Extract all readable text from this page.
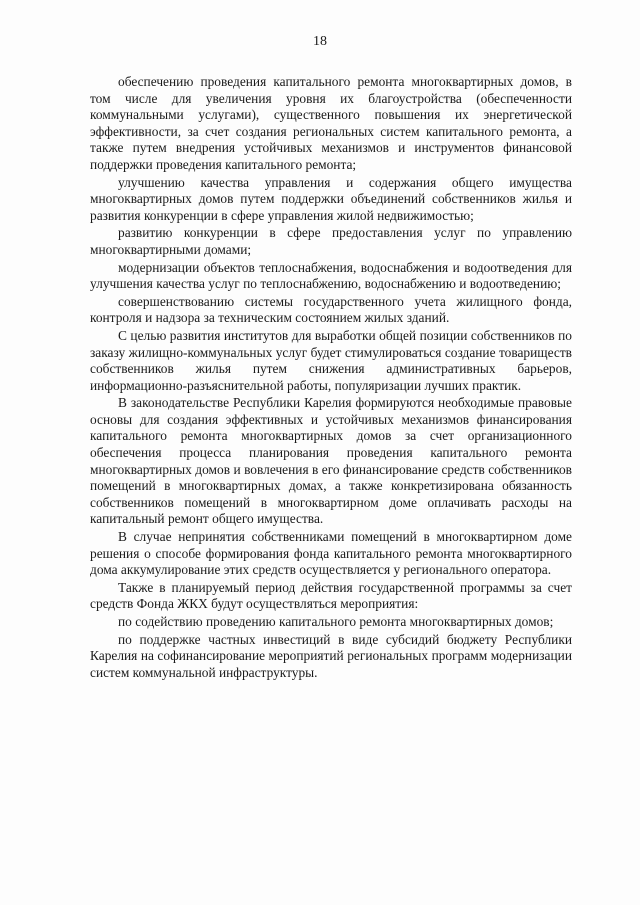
18

обеспечению проведения капитального ремонта многоквартирных домов, в том числе для увеличения уровня их благоустройства (обеспеченности коммунальными услугами), существенного повышения их энергетической эффективности, за счет создания региональных систем капитального ремонта, а также путем внедрения устойчивых механизмов и инструментов финансовой поддержки проведения капитального ремонта;

улучшению качества управления и содержания общего имущества многоквартирных домов путем поддержки объединений собственников жилья и развития конкуренции в сфере управления жилой недвижимостью;

развитию конкуренции в сфере предоставления услуг по управлению многоквартирными домами;

модернизации объектов теплоснабжения, водоснабжения и водоотведения для улучшения качества услуг по теплоснабжению, водоснабжению и водоотведению;

совершенствованию системы государственного учета жилищного фонда, контроля и надзора за техническим состоянием жилых зданий.

С целью развития институтов для выработки общей позиции собственников по заказу жилищно-коммунальных услуг будет стимулироваться создание товариществ собственников жилья путем снижения административных барьеров, информационно-разъяснительной работы, популяризации лучших практик.

В законодательстве Республики Карелия формируются необходимые правовые основы для создания эффективных и устойчивых механизмов финансирования капитального ремонта многоквартирных домов за счет организационного обеспечения процесса планирования проведения капитального ремонта многоквартирных домов и вовлечения в его финансирование средств собственников помещений в многоквартирных домах, а также конкретизирована обязанность собственников помещений в многоквартирном доме оплачивать расходы на капитальный ремонт общего имущества.

В случае непринятия собственниками помещений в многоквартирном доме решения о способе формирования фонда капитального ремонта многоквартирного дома аккумулирование этих средств осуществляется у регионального оператора.

Также в планируемый период действия государственной программы за счет средств Фонда ЖКХ будут осуществляться мероприятия:

по содействию проведению капитального ремонта многоквартирных домов;

по поддержке частных инвестиций в виде субсидий бюджету Республики Карелия на софинансирование мероприятий региональных программ модернизации систем коммунальной инфраструктуры.
